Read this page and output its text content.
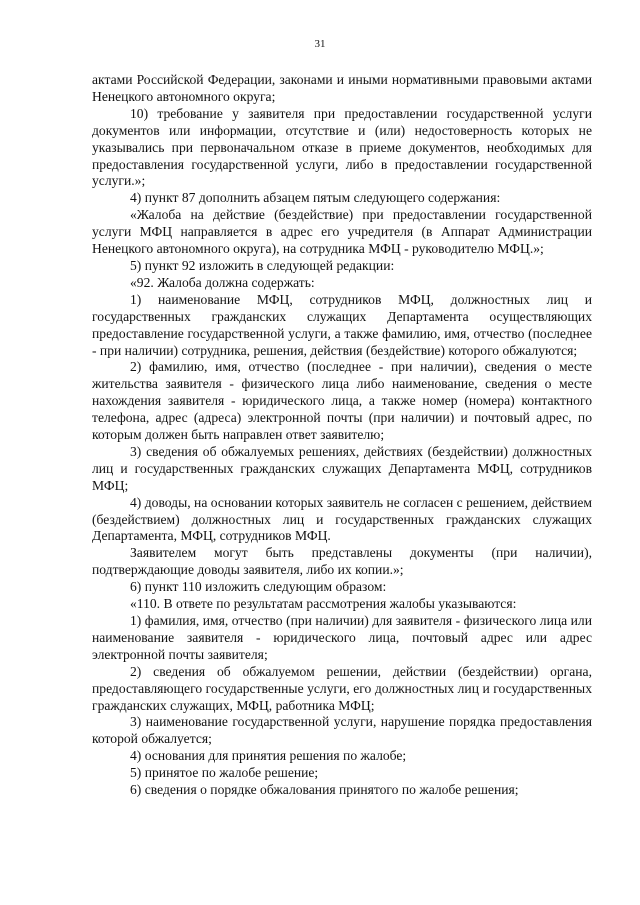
31

актами Российской Федерации, законами и иными нормативными правовыми актами Ненецкого автономного округа;

10) требование у заявителя при предоставлении государственной услуги документов или информации, отсутствие и (или) недостоверность которых не указывались при первоначальном отказе в приеме документов, необходимых для предоставления государственной услуги, либо в предоставлении государственной услуги.»;

4) пункт 87 дополнить абзацем пятым следующего содержания:

«Жалоба на действие (бездействие) при предоставлении государственной услуги МФЦ направляется в адрес его учредителя (в Аппарат Администрации Ненецкого автономного округа), на сотрудника МФЦ - руководителю МФЦ.»;

5) пункт 92 изложить в следующей редакции:

«92. Жалоба должна содержать:

1) наименование МФЦ, сотрудников МФЦ, должностных лиц и государственных гражданских служащих Департамента осуществляющих предоставление государственной услуги, а также фамилию, имя, отчество (последнее - при наличии) сотрудника, решения, действия (бездействие) которого обжалуются;

2) фамилию, имя, отчество (последнее - при наличии), сведения о месте жительства заявителя - физического лица либо наименование, сведения о месте нахождения заявителя - юридического лица, а также номер (номера) контактного телефона, адрес (адреса) электронной почты (при наличии) и почтовый адрес, по которым должен быть направлен ответ заявителю;

3) сведения об обжалуемых решениях, действиях (бездействии) должностных лиц и государственных гражданских служащих Департамента МФЦ, сотрудников МФЦ;

4) доводы, на основании которых заявитель не согласен с решением, действием (бездействием) должностных лиц и государственных гражданских служащих Департамента, МФЦ, сотрудников МФЦ.

Заявителем могут быть представлены документы (при наличии), подтверждающие доводы заявителя, либо их копии.»;

6) пункт 110 изложить следующим образом:

«110. В ответе по результатам рассмотрения жалобы указываются:

1) фамилия, имя, отчество (при наличии) для заявителя - физического лица или наименование заявителя - юридического лица, почтовый адрес или адрес электронной почты заявителя;

2) сведения об обжалуемом решении, действии (бездействии) органа, предоставляющего государственные услуги, его должностных лиц и государственных гражданских служащих, МФЦ, работника МФЦ;

3) наименование государственной услуги, нарушение порядка предоставления которой обжалуется;

4) основания для принятия решения по жалобе;

5) принятое по жалобе решение;

6) сведения о порядке обжалования принятого по жалобе решения;
